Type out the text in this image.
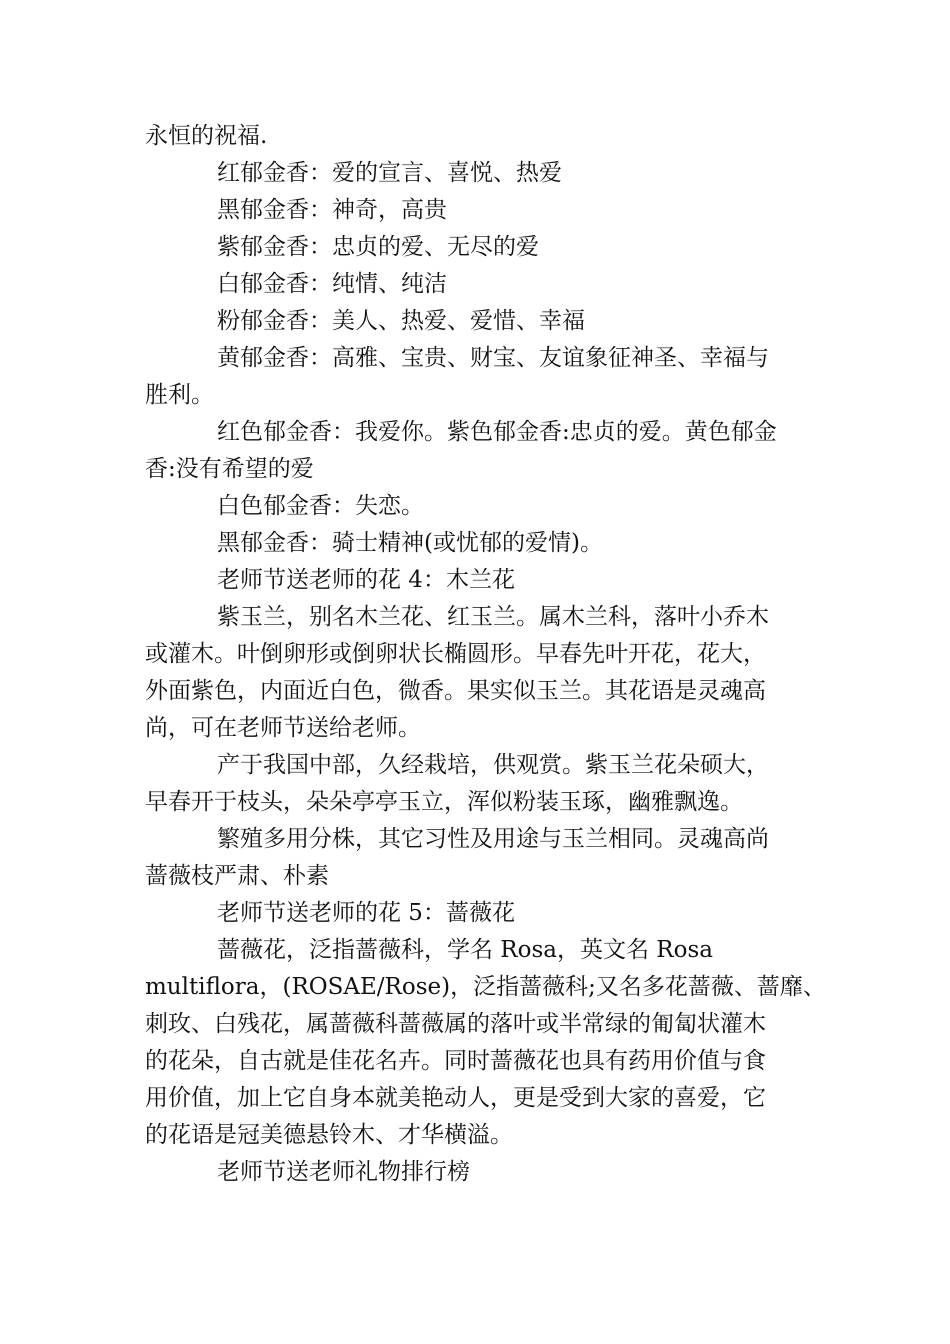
永恒的祝福.
红郁金香：爱的宣言、喜悦、热爱
黑郁金香：神奇，高贵
紫郁金香：忠贞的爱、无尽的爱
白郁金香：纯情、纯洁
粉郁金香：美人、热爱、爱惜、幸福
黄郁金香：高雅、宝贵、财宝、友谊象征神圣、幸福与
胜利。
红色郁金香：我爱你。紫色郁金香:忠贞的爱。黄色郁金
香:没有希望的爱
白色郁金香：失恋。
黑郁金香：骑士精神(或忧郁的爱情)。
老师节送老师的花 4：木兰花
紫玉兰，别名木兰花、红玉兰。属木兰科，落叶小乔木
或灌木。叶倒卵形或倒卵状长椭圆形。早春先叶开花，花大，
外面紫色，内面近白色，微香。果实似玉兰。其花语是灵魂高
尚，可在老师节送给老师。
产于我国中部，久经栽培，供观赏。紫玉兰花朵硕大，
早春开于枝头，朵朵亭亭玉立，浑似粉装玉琢，幽雅飘逸。
繁殖多用分株，其它习性及用途与玉兰相同。灵魂高尚
蔷薇枝严肃、朴素
老师节送老师的花 5：蔷薇花
蔷薇花，泛指蔷薇科，学名 Rosa，英文名 Rosa
multiflora，(ROSAE/Rose)，泛指蔷薇科;又名多花蔷薇、蔷靡、
刺玫、白残花，属蔷薇科蔷薇属的落叶或半常绿的匍匐状灌木
的花朵，自古就是佳花名卉。同时蔷薇花也具有药用价值与食
用价值，加上它自身本就美艳动人，更是受到大家的喜爱，它
的花语是冠美德悬铃木、才华横溢。
老师节送老师礼物排行榜
